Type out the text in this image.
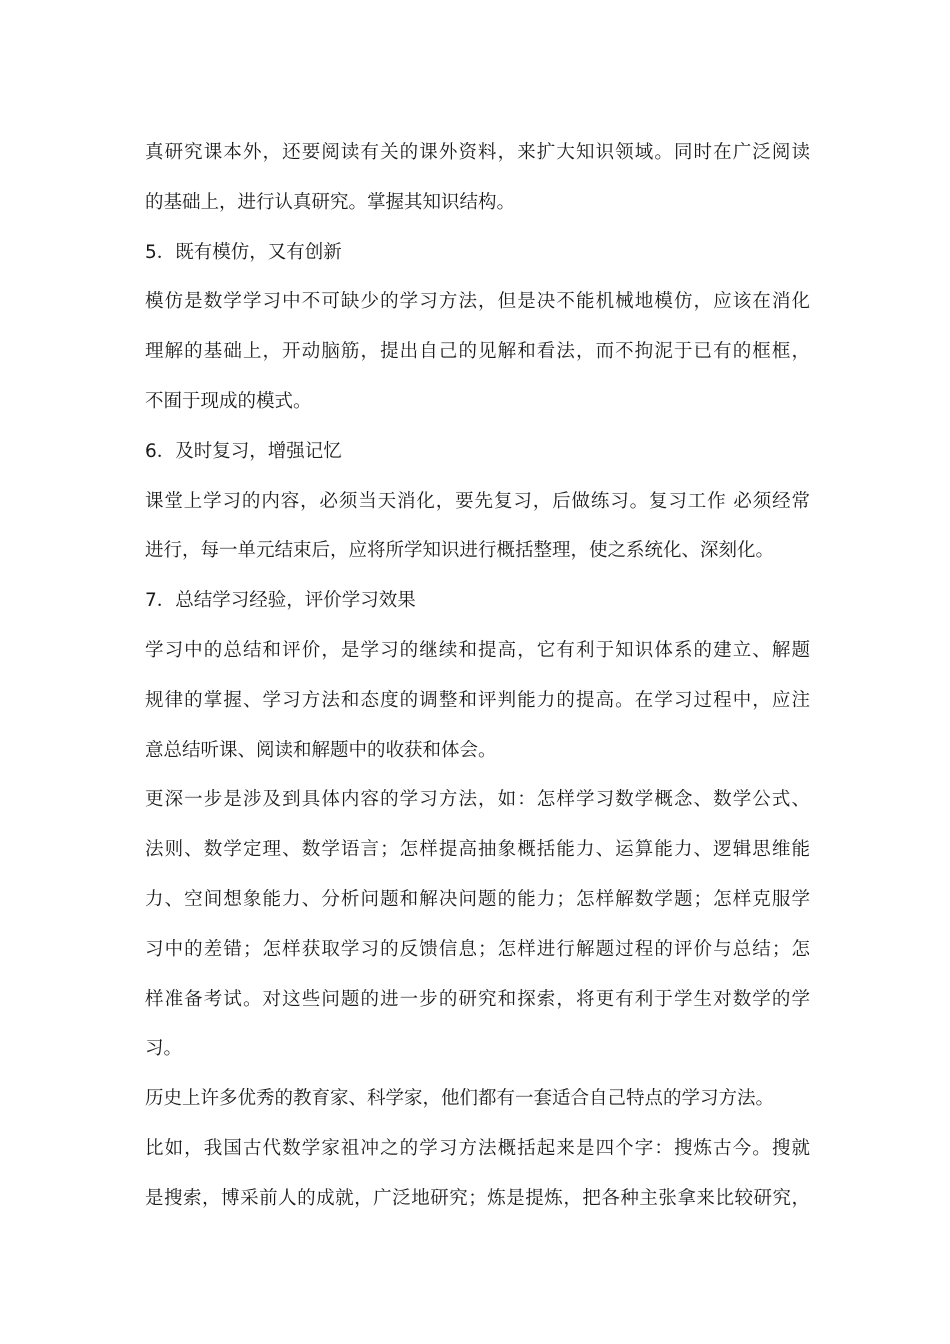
真研究课本外，还要阅读有关的课外资料，来扩大知识领域。同时在广泛阅读
的基础上，进行认真研究。掌握其知识结构。
5．既有模仿，又有创新
模仿是数学学习中不可缺少的学习方法，但是决不能机械地模仿，应该在消化
理解的基础上，开动脑筋，提出自己的见解和看法，而不拘泥于已有的框框，
不囿于现成的模式。
6．及时复习，增强记忆
课堂上学习的内容，必须当天消化，要先复习，后做练习。复习工作 必须经常
进行，每一单元结束后，应将所学知识进行概括整理，使之系统化、深刻化。
7．总结学习经验，评价学习效果
学习中的总结和评价，是学习的继续和提高，它有利于知识体系的建立、解题
规律的掌握、学习方法和态度的调整和评判能力的提高。在学习过程中，应注
意总结听课、阅读和解题中的收获和体会。
更深一步是涉及到具体内容的学习方法，如：怎样学习数学概念、数学公式、
法则、数学定理、数学语言；怎样提高抽象概括能力、运算能力、逻辑思维能
力、空间想象能力、分析问题和解决问题的能力；怎样解数学题；怎样克服学
习中的差错；怎样获取学习的反馈信息；怎样进行解题过程的评价与总结；怎
样准备考试。对这些问题的进一步的研究和探索，将更有利于学生对数学的学
习。
历史上许多优秀的教育家、科学家，他们都有一套适合自己特点的学习方法。
比如，我国古代数学家祖冲之的学习方法概括起来是四个字：搜炼古今。搜就
是搜索，博采前人的成就，广泛地研究；炼是提炼，把各种主张拿来比较研究，
